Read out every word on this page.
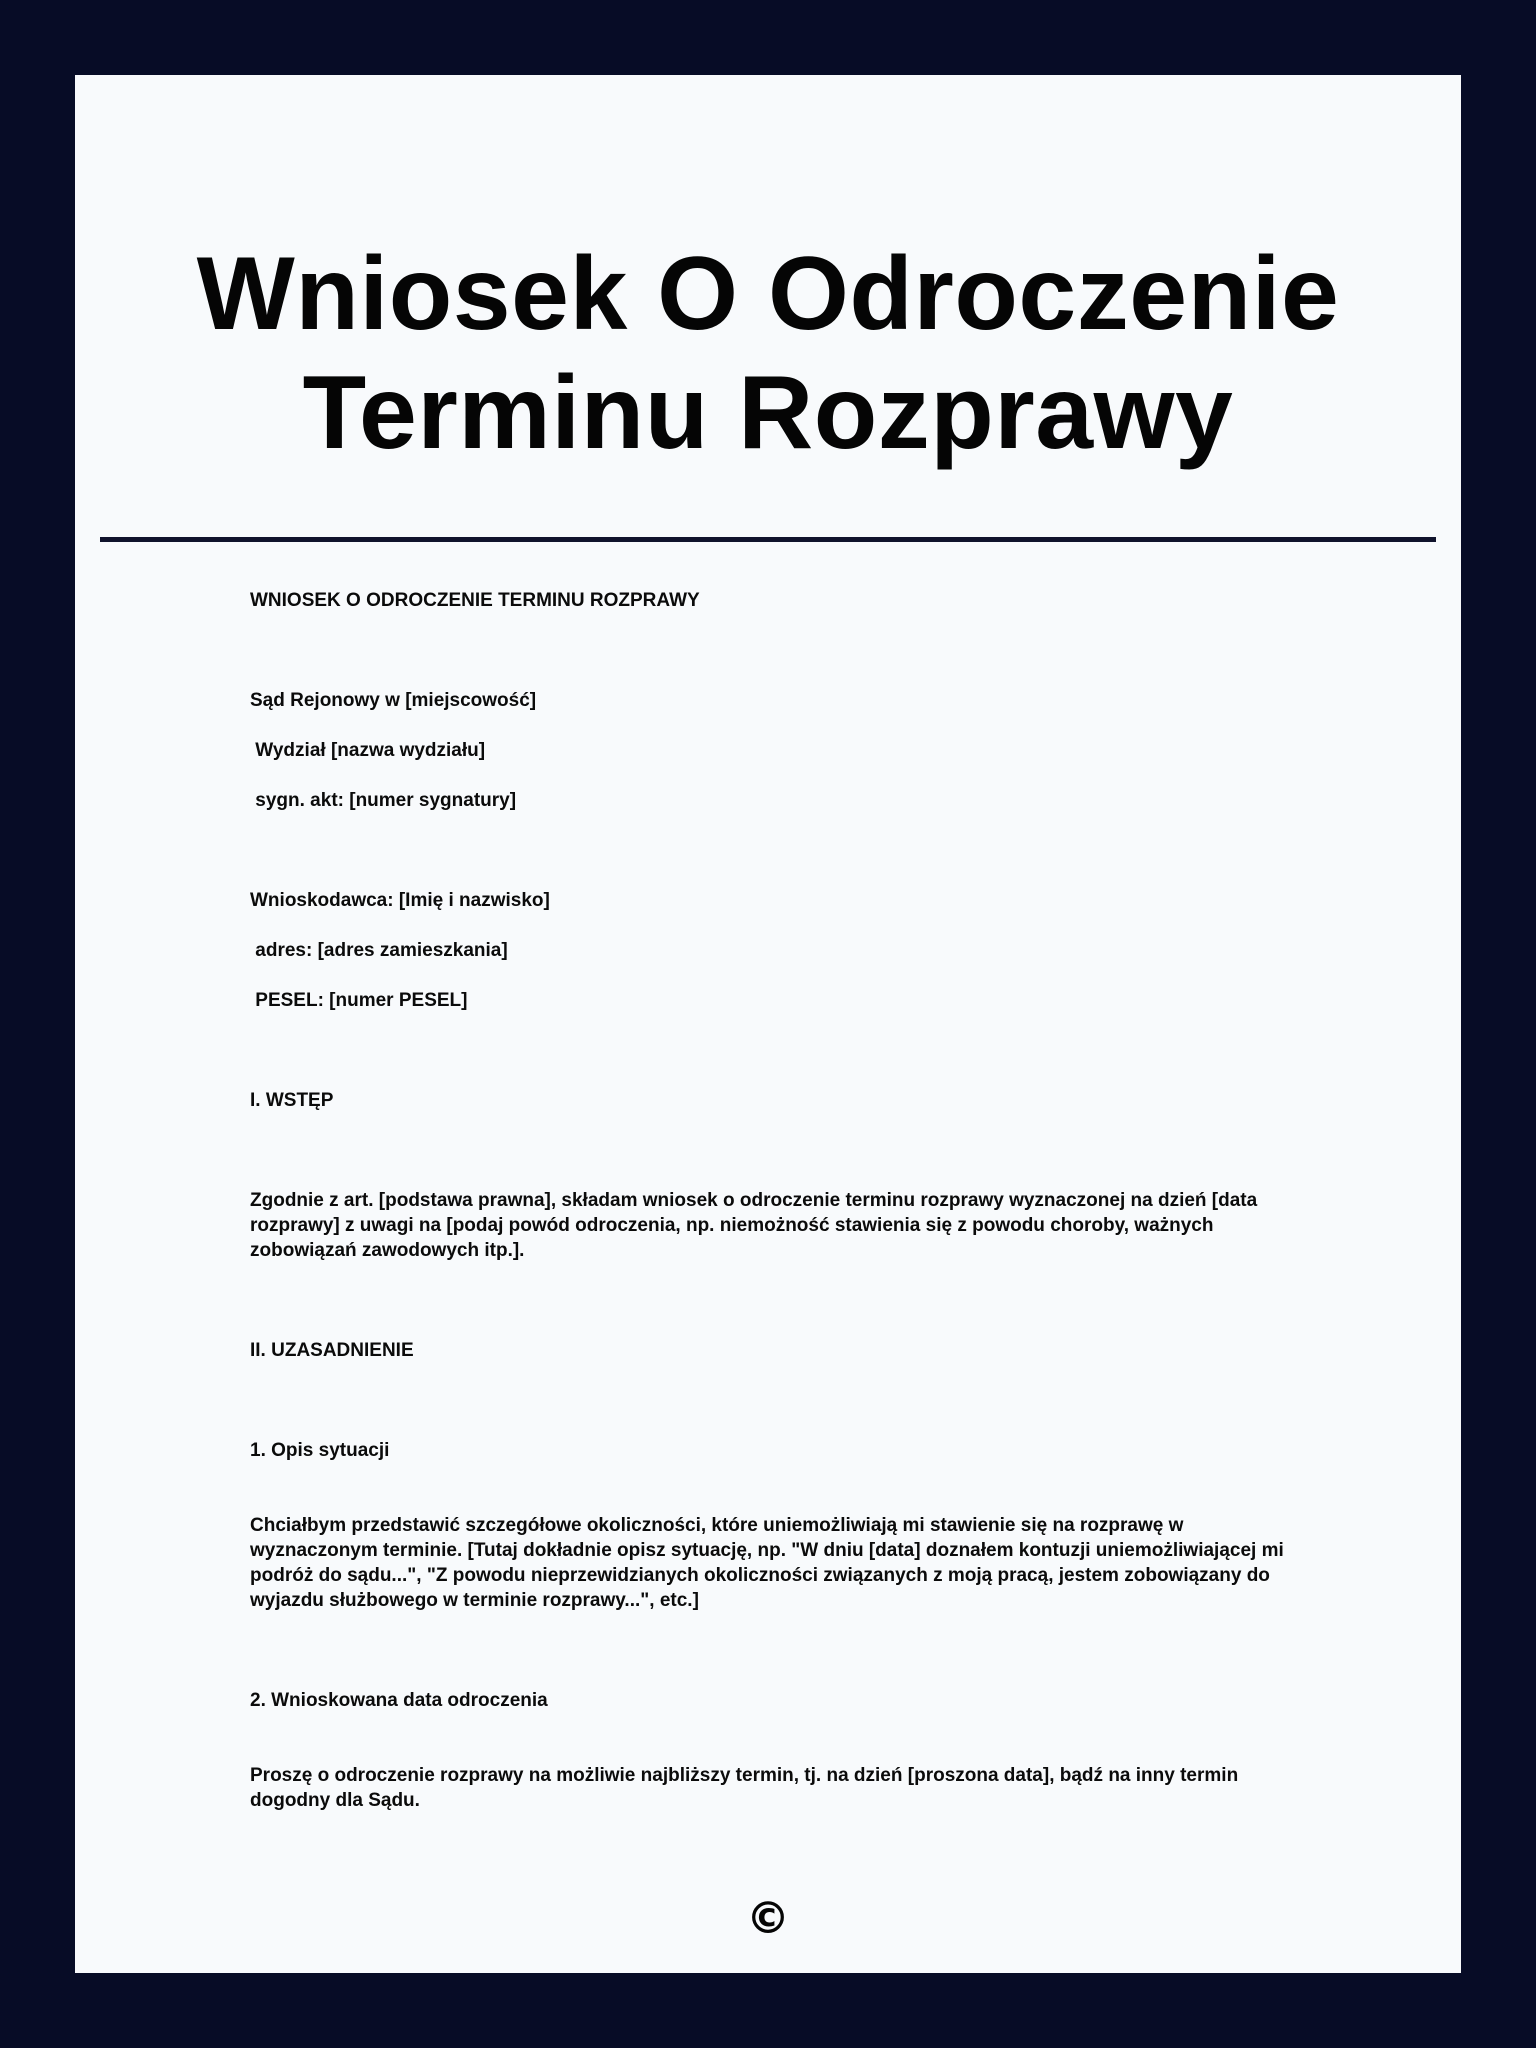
Wniosek O Odroczenie
Terminu Rozprawy

WNIOSEK O ODROCZENIE TERMINU ROZPRAWY

Sąd Rejonowy w [miejscowość]

Wydział [nazwa wydziału]

sygn. akt: [numer sygnatury]

Wnioskodawca: [Imię i nazwisko]

adres: [adres zamieszkania]

PESEL: [numer PESEL]

I. WSTĘP

Zgodnie z art. [podstawa prawna], składam wniosek o odroczenie terminu rozprawy wyznaczonej na dzień [data rozprawy] z uwagi na [podaj powód odroczenia, np. niemożność stawienia się z powodu choroby, ważnych zobowiązań zawodowych itp.].

II. UZASADNIENIE

1. Opis sytuacji

Chciałbym przedstawić szczegółowe okoliczności, które uniemożliwiają mi stawienie się na rozprawę w wyznaczonym terminie. [Tutaj dokładnie opisz sytuację, np. "W dniu [data] doznałem kontuzji uniemożliwiającej mi podróż do sądu...", "Z powodu nieprzewidzianych okoliczności związanych z moją pracą, jestem zobowiązany do wyjazdu służbowego w terminie rozprawy...", etc.]

2. Wnioskowana data odroczenia

Proszę o odroczenie rozprawy na możliwie najbliższy termin, tj. na dzień [proszona data], bądź na inny termin dogodny dla Sądu.

©
